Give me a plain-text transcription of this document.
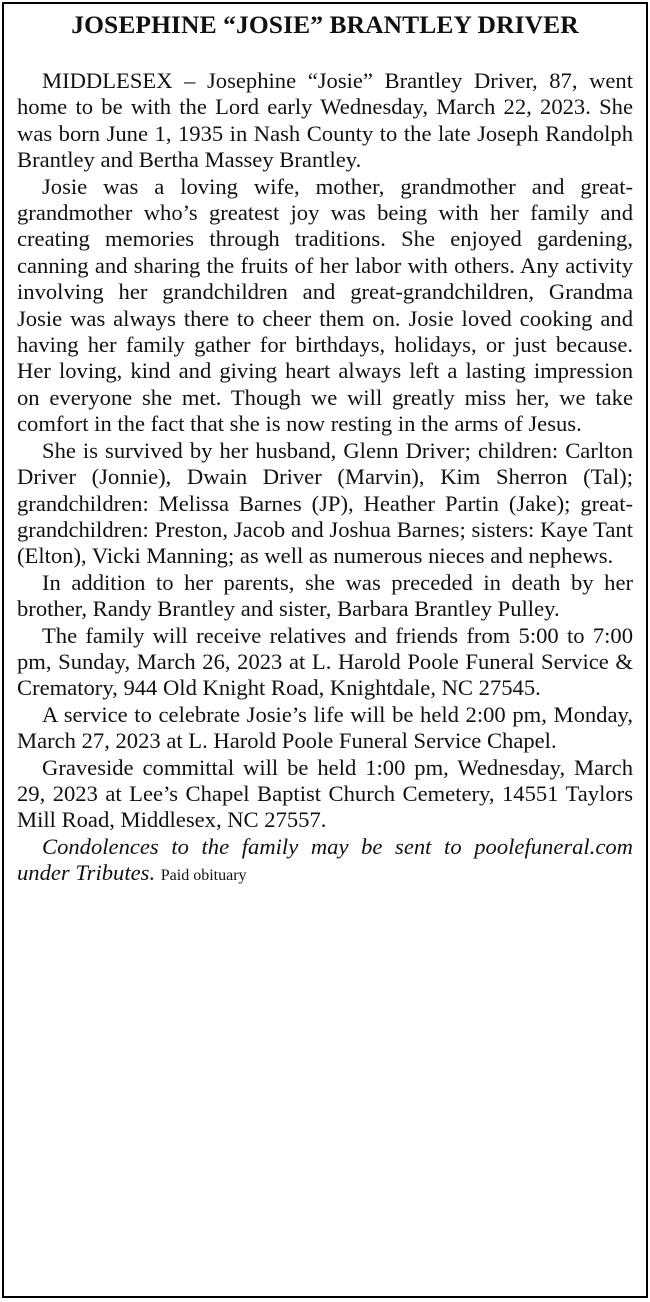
JOSEPHINE “JOSIE” BRANTLEY DRIVER

MIDDLESEX – Josephine “Josie” Brantley Driver, 87, went home to be with the Lord early Wednesday, March 22, 2023. She was born June 1, 1935 in Nash County to the late Joseph Randolph Brantley and Bertha Massey Brantley.

Josie was a loving wife, mother, grandmother and great-grandmother who’s greatest joy was being with her family and creating memories through traditions. She enjoyed gardening, canning and sharing the fruits of her labor with others. Any activity involving her grandchildren and great-grandchildren, Grandma Josie was always there to cheer them on. Josie loved cooking and having her family gather for birthdays, holidays, or just because. Her loving, kind and giving heart always left a lasting impression on everyone she met. Though we will greatly miss her, we take comfort in the fact that she is now resting in the arms of Jesus.

She is survived by her husband, Glenn Driver; children: Carlton Driver (Jonnie), Dwain Driver (Marvin), Kim Sherron (Tal); grandchildren: Melissa Barnes (JP), Heather Partin (Jake); great-grandchildren: Preston, Jacob and Joshua Barnes; sisters: Kaye Tant (Elton), Vicki Manning; as well as numerous nieces and nephews.

In addition to her parents, she was preceded in death by her brother, Randy Brantley and sister, Barbara Brantley Pulley.

The family will receive relatives and friends from 5:00 to 7:00 pm, Sunday, March 26, 2023 at L. Harold Poole Funeral Service & Crematory, 944 Old Knight Road, Knightdale, NC 27545.

A service to celebrate Josie’s life will be held 2:00 pm, Monday, March 27, 2023 at L. Harold Poole Funeral Service Chapel.

Graveside committal will be held 1:00 pm, Wednesday, March 29, 2023 at Lee’s Chapel Baptist Church Cemetery, 14551 Taylors Mill Road, Middlesex, NC 27557.

Condolences to the family may be sent to poolefuneral.com under Tributes. Paid obituary
